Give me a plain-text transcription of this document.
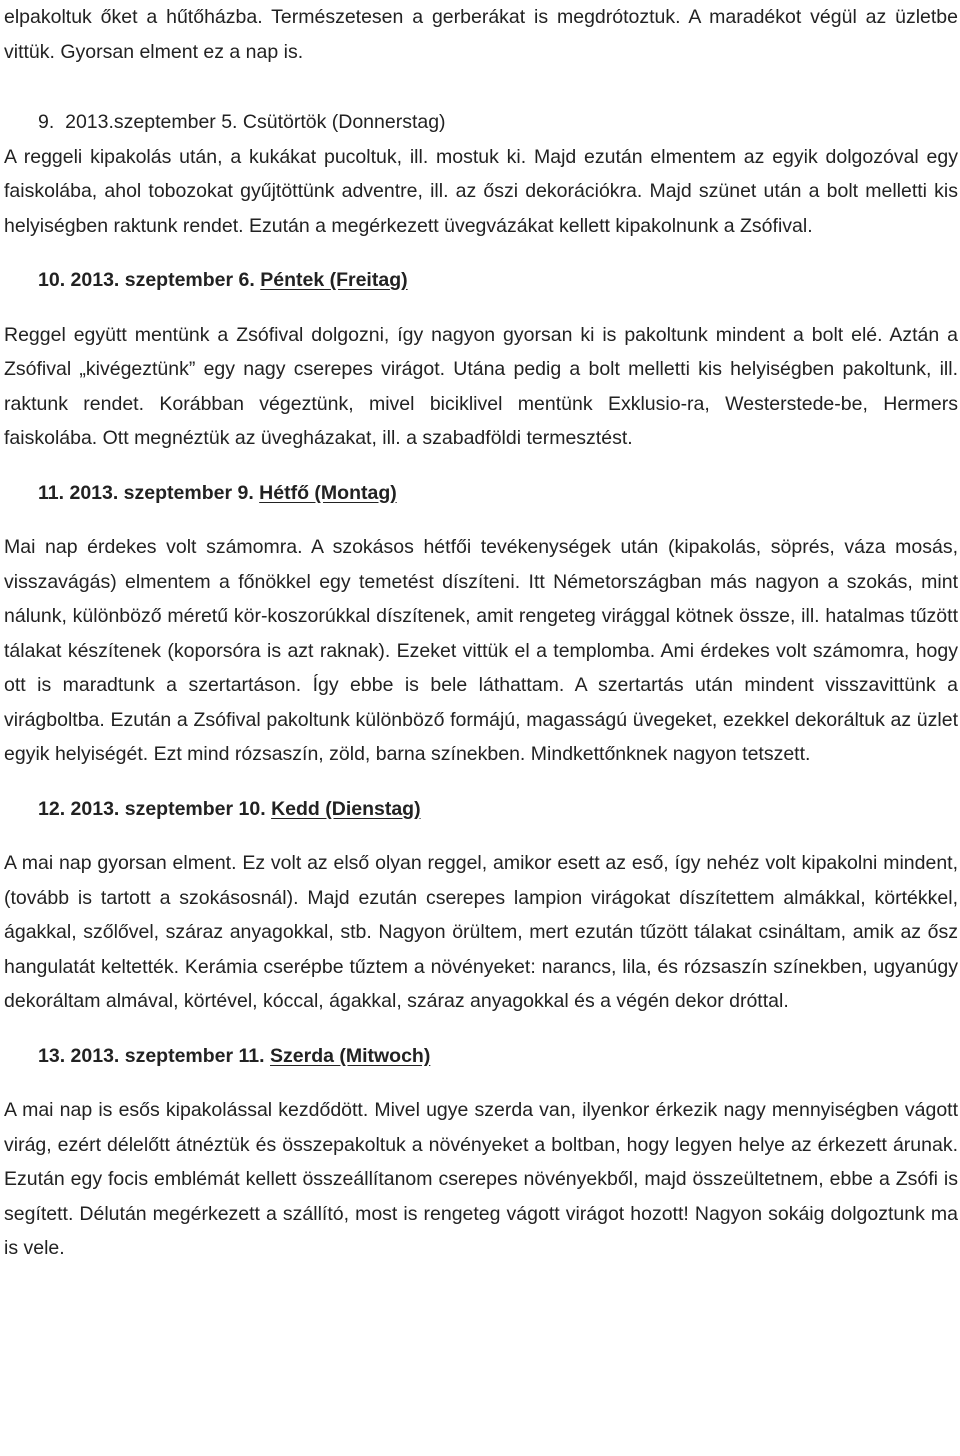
elpakoltuk őket a hűtőházba. Természetesen a gerberákat is megdrótoztuk. A maradékot végül az üzletbe vittük. Gyorsan elment ez a nap is.

9. 2013.szeptember 5. Csütörtök (Donnerstag)

A reggeli kipakolás után, a kukákat pucoltuk, ill. mostuk ki. Majd ezután elmentem az egyik dolgozóval egy faiskolába, ahol tobozokat gyűjtöttünk adventre, ill. az őszi dekorációkra. Majd szünet után a bolt melletti kis helyiségben raktunk rendet. Ezután a megérkezett üvegvázákat kellett kipakolnunk a Zsófival.

10. 2013. szeptember 6. Péntek (Freitag)

Reggel együtt mentünk a Zsófival dolgozni, így nagyon gyorsan ki is pakoltunk mindent a bolt elé. Aztán a Zsófival „kivégeztünk” egy nagy cserepes virágot. Utána pedig a bolt melletti kis helyiségben pakoltunk, ill. raktunk rendet. Korábban végeztünk, mivel biciklivel mentünk Exklusio-ra, Westerstede-be, Hermers faiskolába. Ott megnéztük az üvegházakat, ill. a szabadföldi termesztést.

11. 2013. szeptember 9. Hétfő (Montag)

Mai nap érdekes volt számomra. A szokásos hétfői tevékenységek után (kipakolás, söprés, váza mosás, visszavágás) elmentem a főnökkel egy temetést díszíteni. Itt Németországban más nagyon a szokás, mint nálunk, különböző méretű kör-koszorúkkal díszítenek, amit rengeteg virággal kötnek össze, ill. hatalmas tűzött tálakat készítenek (koporsóra is azt raknak). Ezeket vittük el a templomba. Ami érdekes volt számomra, hogy ott is maradtunk a szertartáson. Így ebbe is bele láthattam. A szertartás után mindent visszavittünk a virágboltba. Ezután a Zsófival pakoltunk különböző formájú, magasságú üvegeket, ezekkel dekoráltuk az üzlet egyik helyiségét. Ezt mind rózsaszín, zöld, barna színekben. Mindkettőnknek nagyon tetszett.

12. 2013. szeptember 10. Kedd (Dienstag)

A mai nap gyorsan elment. Ez volt az első olyan reggel, amikor esett az eső, így nehéz volt kipakolni mindent, (tovább is tartott a szokásosnál). Majd ezután cserepes lampion virágokat díszítettem almákkal, körtékkel, ágakkal, szőlővel, száraz anyagokkal, stb. Nagyon örültem, mert ezután tűzött tálakat csináltam, amik az ősz hangulatát keltették. Kerámia cserépbe tűztem a növényeket: narancs, lila, és rózsaszín színekben, ugyanúgy dekoráltam almával, körtével, kóccal, ágakkal, száraz anyagokkal és a végén dekor dróttal.

13. 2013. szeptember 11. Szerda (Mitwoch)

A mai nap is esős kipakolással kezdődött. Mivel ugye szerda van, ilyenkor érkezik nagy mennyiségben vágott virág, ezért délelőtt átnéztük és összepakoltuk a növényeket a boltban, hogy legyen helye az érkezett árunak. Ezután egy focis emblémát kellett összeállítanom cserepes növényekből, majd összeültetnem, ebbe a Zsófi is segített. Délután megérkezett a szállító, most is rengeteg vágott virágot hozott! Nagyon sokáig dolgoztunk ma is vele.
